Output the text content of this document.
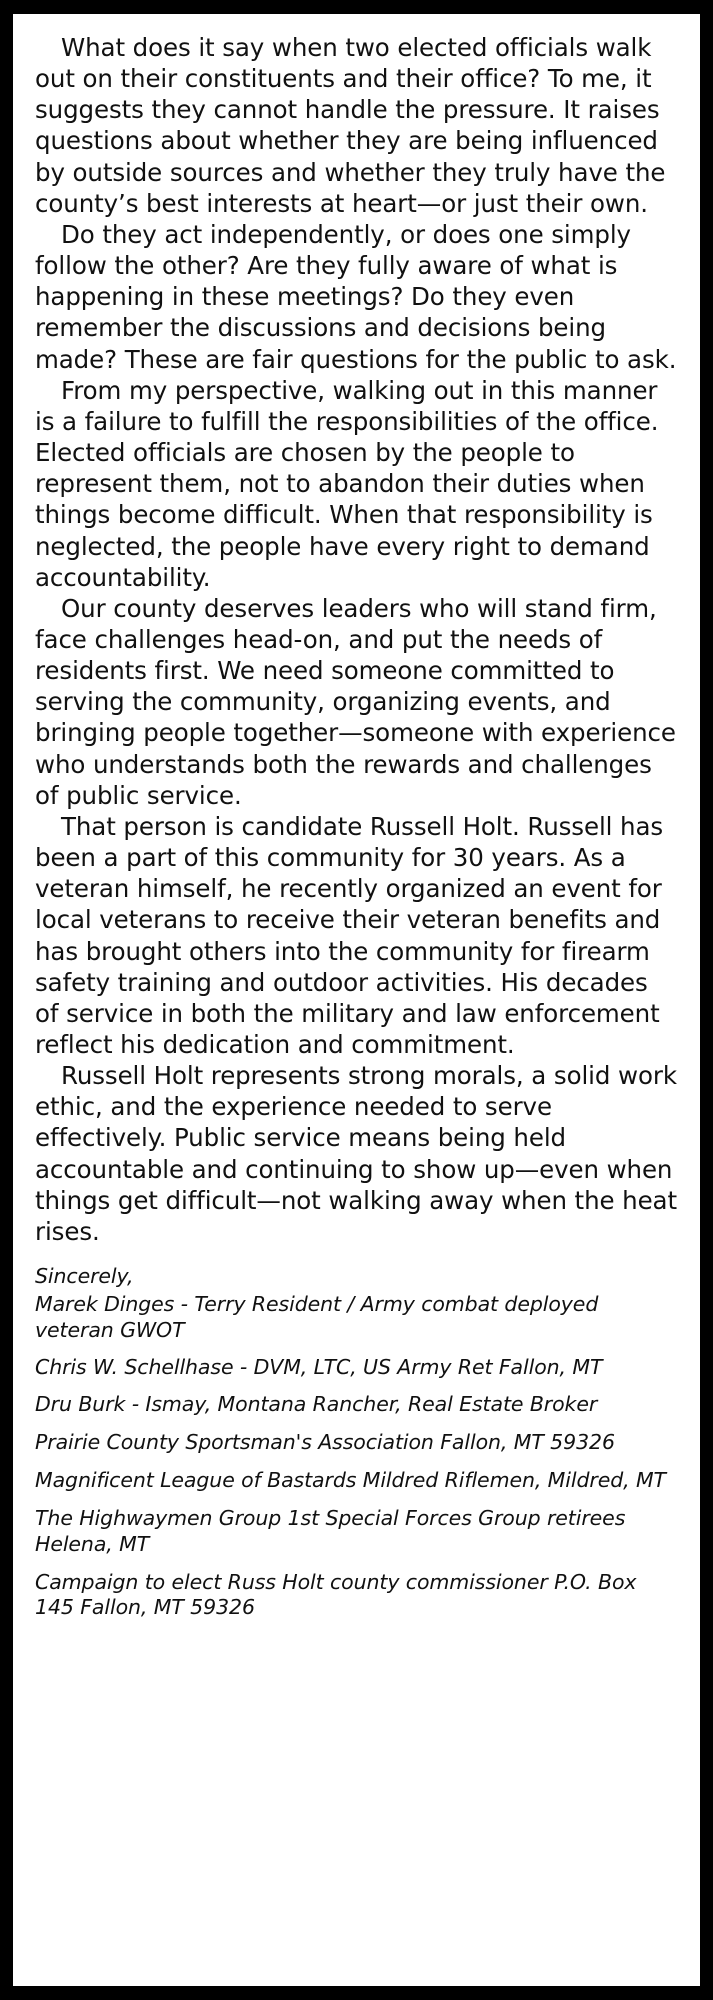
What does it say when two elected officials walk out on their constituents and their office? To me, it suggests they cannot handle the pressure. It raises questions about whether they are being influenced by outside sources and whether they truly have the county’s best interests at heart—or just their own.

Do they act independently, or does one simply follow the other? Are they fully aware of what is happening in these meetings? Do they even remember the discussions and decisions being made? These are fair questions for the public to ask.

From my perspective, walking out in this manner is a failure to fulfill the responsibilities of the office. Elected officials are chosen by the people to represent them, not to abandon their duties when things become difficult. When that responsibility is neglected, the people have every right to demand accountability.

Our county deserves leaders who will stand firm, face challenges head-on, and put the needs of residents first. We need someone committed to serving the community, organizing events, and bringing people together—someone with experience who understands both the rewards and challenges of public service.

That person is candidate Russell Holt. Russell has been a part of this community for 30 years. As a veteran himself, he recently organized an event for local veterans to receive their veteran benefits and has brought others into the community for firearm safety training and outdoor activities. His decades of service in both the military and law enforcement reflect his dedication and commitment.

Russell Holt represents strong morals, a solid work ethic, and the experience needed to serve effectively. Public service means being held accountable and continuing to show up—even when things get difficult—not walking away when the heat rises.

Sincerely,

Marek Dinges - Terry Resident / Army combat deployed veteran GWOT

Chris W. Schellhase - DVM, LTC, US Army Ret Fallon, MT

Dru Burk - Ismay, Montana Rancher, Real Estate Broker

Prairie County Sportsman's Association Fallon, MT 59326

Magnificent League of Bastards Mildred Riflemen, Mildred, MT

The Highwaymen Group 1st Special Forces Group retirees Helena, MT

Campaign to elect Russ Holt county commissioner P.O. Box 145 Fallon, MT 59326
